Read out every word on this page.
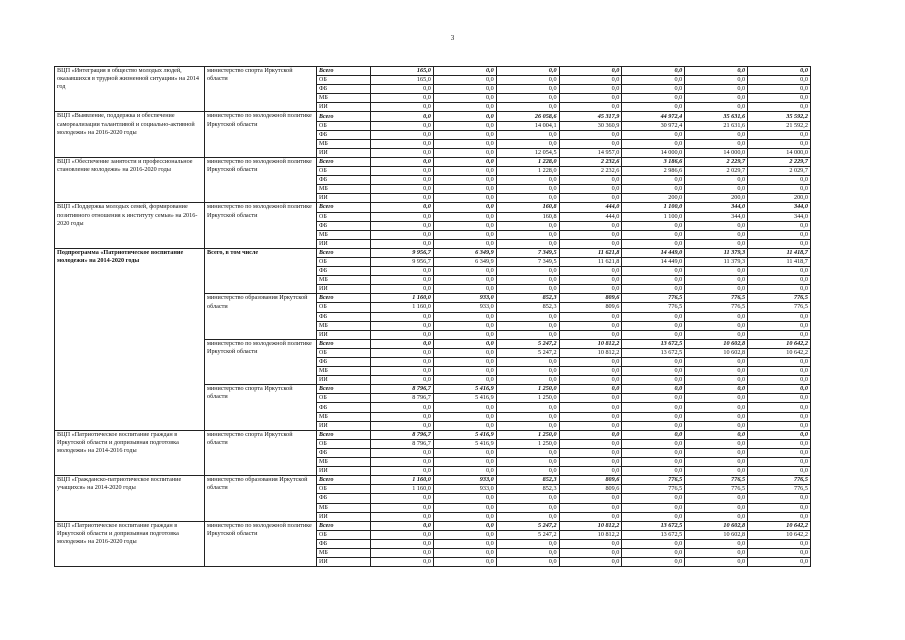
3
ВЦП «Интеграция в общество молодых людей, оказавшихся в трудной жизненной ситуации» на 2014 год	министерство спорта Иркутской области	Всего	165,0	0,0	0,0	0,0	0,0	0,0	0,0
		ОБ	165,0	0,0	0,0	0,0	0,0	0,0	0,0
		ФБ	0,0	0,0	0,0	0,0	0,0	0,0	0,0
		МБ	0,0	0,0	0,0	0,0	0,0	0,0	0,0
		ИИ	0,0	0,0	0,0	0,0	0,0	0,0	0,0
ВЦП «Выявление, поддержка и обеспечение самореализации талантливой и социально-активной молодежи» на 2016-2020 годы	министерство по молодежной политике Иркутской области	Всего	0,0	0,0	26 058,6	45 317,9	44 972,4	35 631,6	35 592,2
		ОБ	0,0	0,0	14 004,1	30 360,9	30 972,4	21 631,6	21 592,2
		ФБ	0,0	0,0	0,0	0,0	0,0	0,0	0,0
		МБ	0,0	0,0	0,0	0,0	0,0	0,0	0,0
		ИИ	0,0	0,0	12 054,5	14 957,0	14 000,0	14 000,0	14 000,0
ВЦП «Обеспечение занятости и профессиональное становление молодежи» на 2016-2020 годы	министерство по молодежной политике Иркутской области	Всего	0,0	0,0	1 228,0	2 232,6	3 186,6	2 229,7	2 229,7
		ОБ	0,0	0,0	1 228,0	2 232,6	2 986,6	2 029,7	2 029,7
		ФБ	0,0	0,0	0,0	0,0	0,0	0,0	0,0
		МБ	0,0	0,0	0,0	0,0	0,0	0,0	0,0
		ИИ	0,0	0,0	0,0	0,0	200,0	200,0	200,0
ВЦП «Поддержка молодых семей, формирование позитивного отношения к институту семьи» на 2016-2020 годы	министерство по молодежной политике Иркутской области	Всего	0,0	0,0	160,8	444,0	1 100,0	344,0	344,0
		ОБ	0,0	0,0	160,8	444,0	1 100,0	344,0	344,0
		ФБ	0,0	0,0	0,0	0,0	0,0	0,0	0,0
		МБ	0,0	0,0	0,0	0,0	0,0	0,0	0,0
		ИИ	0,0	0,0	0,0	0,0	0,0	0,0	0,0
Подпрограмма «Патриотическое воспитание молодежи» на 2014-2020 годы	Всего, в том числе	Всего	9 956,7	6 349,9	7 349,5	11 621,8	14 449,0	11 379,3	11 418,7
		ОБ	9 956,7	6 349,9	7 349,5	11 621,8	14 449,0	11 379,3	11 418,7
		ФБ	0,0	0,0	0,0	0,0	0,0	0,0	0,0
		МБ	0,0	0,0	0,0	0,0	0,0	0,0	0,0
		ИИ	0,0	0,0	0,0	0,0	0,0	0,0	0,0
	министерство образования Иркутской области	Всего	1 160,0	933,0	852,3	809,6	776,5	776,5	776,5
		ОБ	1 160,0	933,0	852,3	809,6	776,5	776,5	776,5
		ФБ	0,0	0,0	0,0	0,0	0,0	0,0	0,0
		МБ	0,0	0,0	0,0	0,0	0,0	0,0	0,0
		ИИ	0,0	0,0	0,0	0,0	0,0	0,0	0,0
	министерство по молодежной политике Иркутской области	Всего	0,0	0,0	5 247,2	10 812,2	13 672,5	10 602,8	10 642,2
		ОБ	0,0	0,0	5 247,2	10 812,2	13 672,5	10 602,8	10 642,2
		ФБ	0,0	0,0	0,0	0,0	0,0	0,0	0,0
		МБ	0,0	0,0	0,0	0,0	0,0	0,0	0,0
		ИИ	0,0	0,0	0,0	0,0	0,0	0,0	0,0
	министерство спорта Иркутской области	Всего	8 796,7	5 416,9	1 250,0	0,0	0,0	0,0	0,0
		ОБ	8 796,7	5 416,9	1 250,0	0,0	0,0	0,0	0,0
		ФБ	0,0	0,0	0,0	0,0	0,0	0,0	0,0
		МБ	0,0	0,0	0,0	0,0	0,0	0,0	0,0
		ИИ	0,0	0,0	0,0	0,0	0,0	0,0	0,0
ВЦП «Патриотическое воспитание граждан в Иркутской области и допризывная подготовка молодежи» на 2014-2016 годы	министерство спорта Иркутской области	Всего	8 796,7	5 416,9	1 250,0	0,0	0,0	0,0	0,0
		ОБ	8 796,7	5 416,9	1 250,0	0,0	0,0	0,0	0,0
		ФБ	0,0	0,0	0,0	0,0	0,0	0,0	0,0
		МБ	0,0	0,0	0,0	0,0	0,0	0,0	0,0
		ИИ	0,0	0,0	0,0	0,0	0,0	0,0	0,0
ВЦП «Гражданско-патриотическое воспитание учащихся» на 2014-2020 годы	министерство образования Иркутской области	Всего	1 160,0	933,0	852,3	809,6	776,5	776,5	776,5
		ОБ	1 160,0	933,0	852,3	809,6	776,5	776,5	776,5
		ФБ	0,0	0,0	0,0	0,0	0,0	0,0	0,0
		МБ	0,0	0,0	0,0	0,0	0,0	0,0	0,0
		ИИ	0,0	0,0	0,0	0,0	0,0	0,0	0,0
ВЦП «Патриотическое воспитание граждан в Иркутской области и допризывная подготовка молодежи» на 2016-2020 годы	министерство по молодежной политике Иркутской области	Всего	0,0	0,0	5 247,2	10 812,2	13 672,5	10 602,8	10 642,2
		ОБ	0,0	0,0	5 247,2	10 812,2	13 672,5	10 602,8	10 642,2
		ФБ	0,0	0,0	0,0	0,0	0,0	0,0	0,0
		МБ	0,0	0,0	0,0	0,0	0,0	0,0	0,0
		ИИ	0,0	0,0	0,0	0,0	0,0	0,0	0,0
